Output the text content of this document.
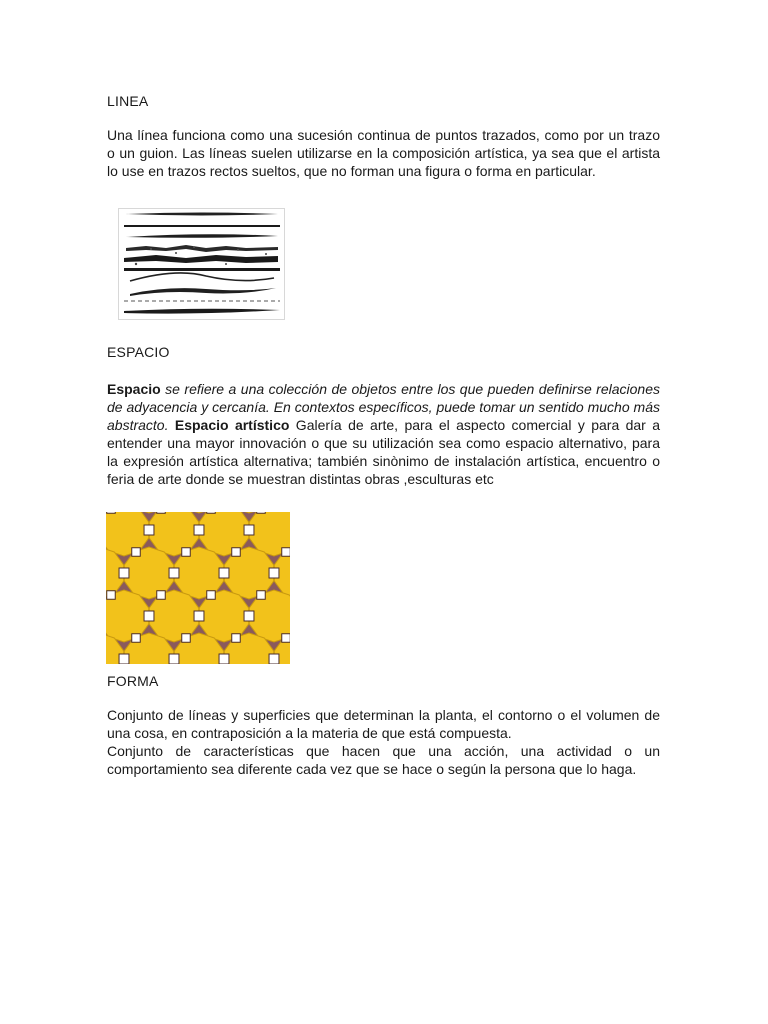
LINEA
Una línea funciona como una sucesión continua de puntos trazados, como por un trazo o un guion. Las líneas suelen utilizarse en la composición artística, ya sea que el artista lo use en trazos rectos sueltos, que no forman una figura o forma en particular.
ESPACIO
Espacio se refiere a una colección de objetos entre los que pueden definirse relaciones de adyacencia y cercanía. En contextos específicos, puede tomar un sentido mucho más abstracto. Espacio artístico Galería de arte, para el aspecto comercial y para dar a entender una mayor innovación o que su utilización sea como espacio alternativo, para la expresión artística alternativa; también sinònimo de instalación artística, encuentro o feria de arte donde se muestran distintas obras ,esculturas etc
FORMA
Conjunto de líneas y superficies que determinan la planta, el contorno o el volumen de una cosa, en contraposición a la materia de que está compuesta.
Conjunto de características que hacen que una acción, una actividad o un comportamiento sea diferente cada vez que se hace o según la persona que lo haga.
